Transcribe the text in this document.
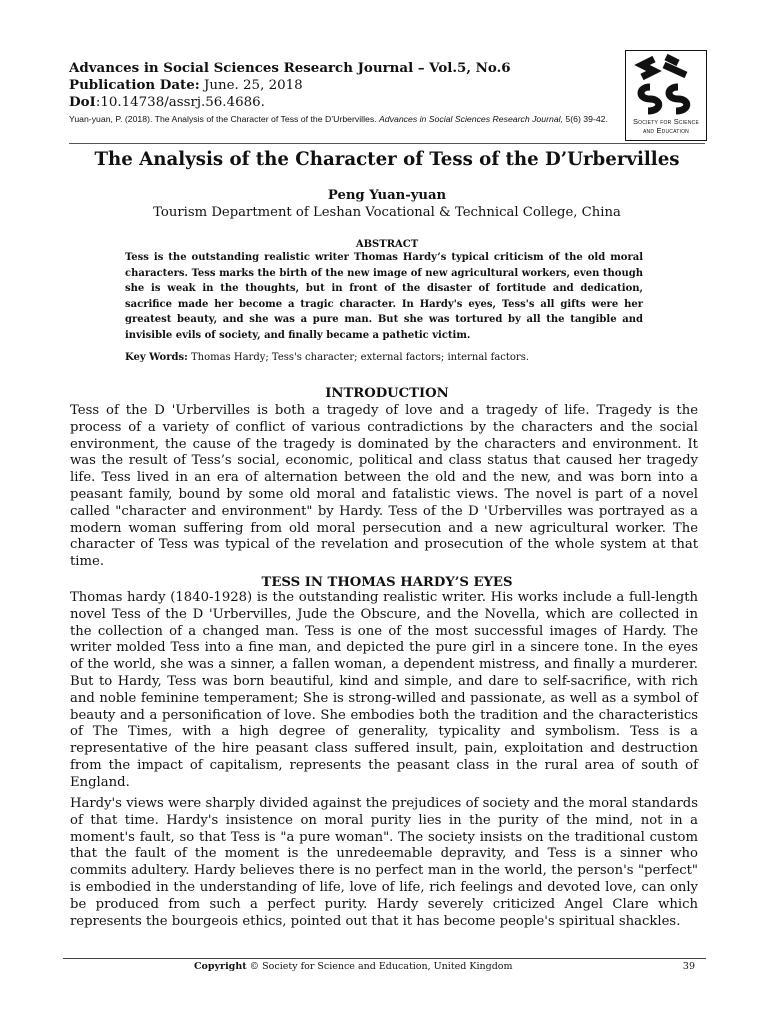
Advances in Social Sciences Research Journal – Vol.5, No.6
Publication Date: June. 25, 2018
DoI:10.14738/assrj.56.4686.
Yuan-yuan, P. (2018). The Analysis of the Character of Tess of the D’Urbervilles. Advances in Social Sciences Research Journal, 5(6) 39-42.	Society for Science
and Education
The Analysis of the Character of Tess of the D’Urbervilles
Peng Yuan-yuan
Tourism Department of Leshan Vocational & Technical College, China
ABSTRACT
Tess is the outstanding realistic writer Thomas Hardy’s typical criticism of the old moral characters. Tess marks the birth of the new image of new agricultural workers, even though she is weak in the thoughts, but in front of the disaster of fortitude and dedication, sacrifice made her become a tragic character. In Hardy's eyes, Tess's all gifts were her greatest beauty, and she was a pure man. But she was tortured by all the tangible and invisible evils of society, and finally became a pathetic victim.
Key Words: Thomas Hardy; Tess's character; external factors; internal factors.
INTRODUCTION
Tess of the D 'Urbervilles is both a tragedy of love and a tragedy of life. Tragedy is the process of a variety of conflict of various contradictions by the characters and the social environment, the cause of the tragedy is dominated by the characters and environment. It was the result of Tess’s social, economic, political and class status that caused her tragedy life. Tess lived in an era of alternation between the old and the new, and was born into a peasant family, bound by some old moral and fatalistic views. The novel is part of a novel called "character and environment" by Hardy. Tess of the D 'Urbervilles was portrayed as a modern woman suffering from old moral persecution and a new agricultural worker. The character of Tess was typical of the revelation and prosecution of the whole system at that time.
TESS IN THOMAS HARDY’S EYES
Thomas hardy (1840-1928) is the outstanding realistic writer. His works include a full-length novel Tess of the D 'Urbervilles, Jude the Obscure, and the Novella, which are collected in the collection of a changed man. Tess is one of the most successful images of Hardy. The writer molded Tess into a fine man, and depicted the pure girl in a sincere tone. In the eyes of the world, she was a sinner, a fallen woman, a dependent mistress, and finally a murderer. But to Hardy, Tess was born beautiful, kind and simple, and dare to self-sacrifice, with rich and noble feminine temperament; She is strong-willed and passionate, as well as a symbol of beauty and a personification of love. She embodies both the tradition and the characteristics of The Times, with a high degree of generality, typicality and symbolism. Tess is a representative of the hire peasant class suffered insult, pain, exploitation and destruction from the impact of capitalism, represents the peasant class in the rural area of south of England.
Hardy's views were sharply divided against the prejudices of society and the moral standards of that time. Hardy's insistence on moral purity lies in the purity of the mind, not in a moment's fault, so that Tess is "a pure woman". The society insists on the traditional custom that the fault of the moment is the unredeemable depravity, and Tess is a sinner who commits adultery. Hardy believes there is no perfect man in the world, the person's "perfect" is embodied in the understanding of life, love of life, rich feelings and devoted love, can only be produced from such a perfect purity. Hardy severely criticized Angel Clare which represents the bourgeois ethics, pointed out that it has become people's spiritual shackles.
Copyright © Society for Science and Education, United Kingdom	39
